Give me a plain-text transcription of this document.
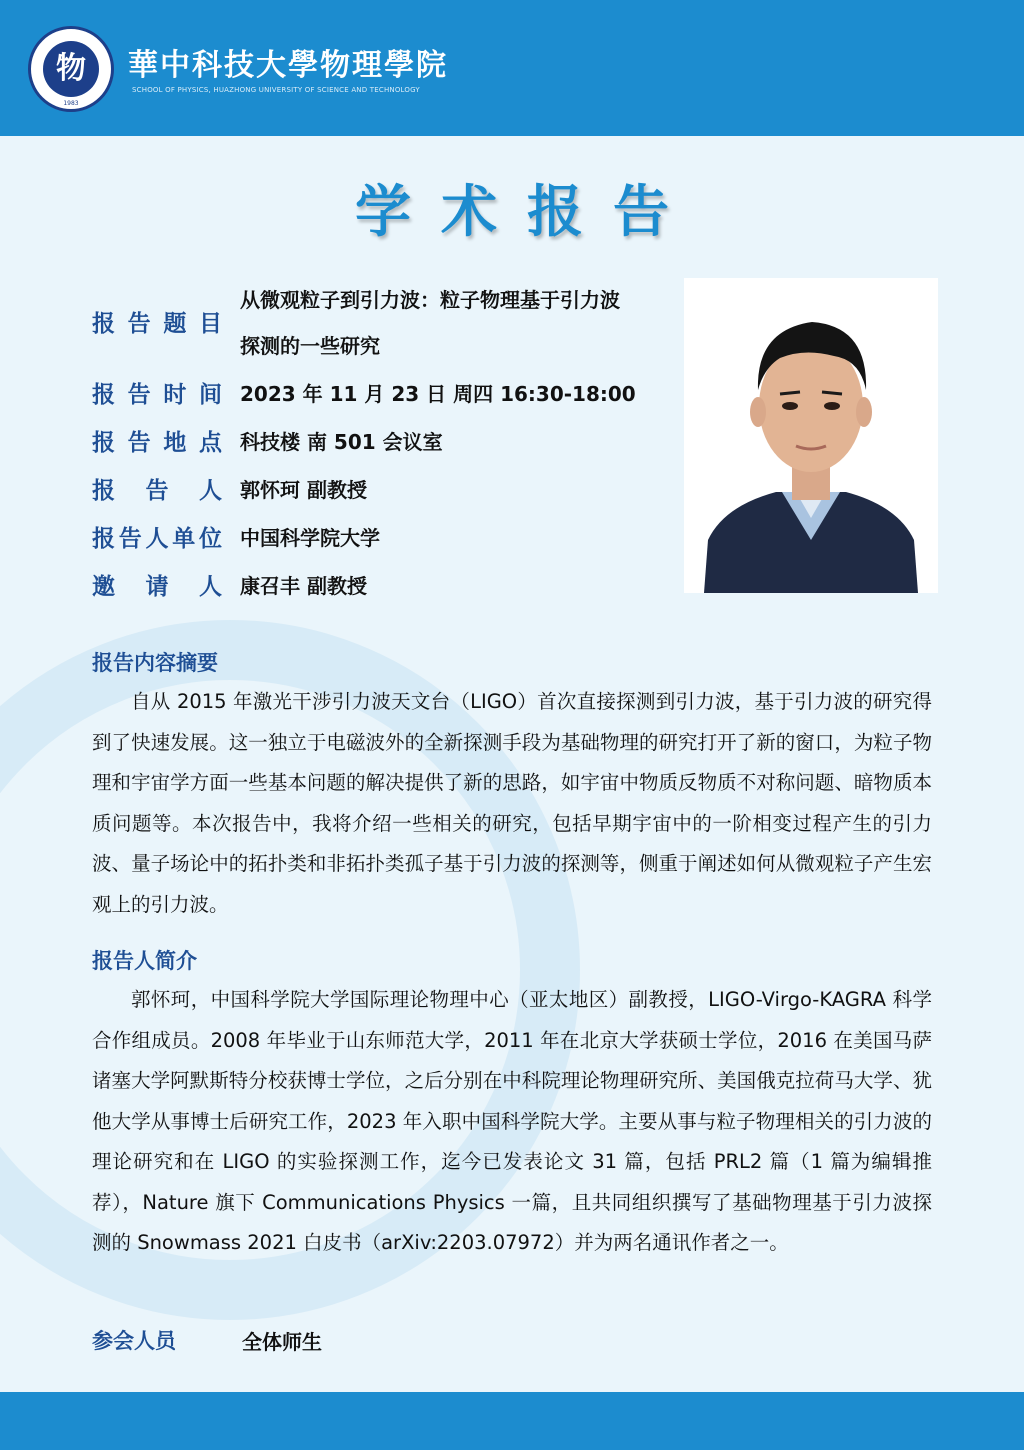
物
1983
華中科技大學物理學院
SCHOOL OF PHYSICS, HUAZHONG UNIVERSITY OF SCIENCE AND TECHNOLOGY
学术报告
报告题目
从微观粒子到引力波：粒子物理基于引力波
探测的一些研究
报告时间 2023 年 11 月 23 日 周四 16:30-18:00
报告地点 科技楼 南 501 会议室
报告人 郭怀珂 副教授
报告人单位 中国科学院大学
邀请人 康召丰 副教授
报告内容摘要
自从 2015 年激光干涉引力波天文台（LIGO）首次直接探测到引力波，基于引力波的研究得到了快速发展。这一独立于电磁波外的全新探测手段为基础物理的研究打开了新的窗口，为粒子物理和宇宙学方面一些基本问题的解决提供了新的思路，如宇宙中物质反物质不对称问题、暗物质本质问题等。本次报告中，我将介绍一些相关的研究，包括早期宇宙中的一阶相变过程产生的引力波、量子场论中的拓扑类和非拓扑类孤子基于引力波的探测等，侧重于阐述如何从微观粒子产生宏观上的引力波。
报告人简介
郭怀珂，中国科学院大学国际理论物理中心（亚太地区）副教授，LIGO-Virgo-KAGRA 科学合作组成员。2008 年毕业于山东师范大学，2011 年在北京大学获硕士学位，2016 在美国马萨诸塞大学阿默斯特分校获博士学位，之后分别在中科院理论物理研究所、美国俄克拉荷马大学、犹他大学从事博士后研究工作，2023 年入职中国科学院大学。主要从事与粒子物理相关的引力波的理论研究和在 LIGO 的实验探测工作，迄今已发表论文 31 篇，包括 PRL2 篇（1 篇为编辑推荐），Nature 旗下 Communications Physics 一篇，且共同组织撰写了基础物理基于引力波探测的 Snowmass 2021 白皮书（arXiv:2203.07972）并为两名通讯作者之一。
参会人员	全体师生
